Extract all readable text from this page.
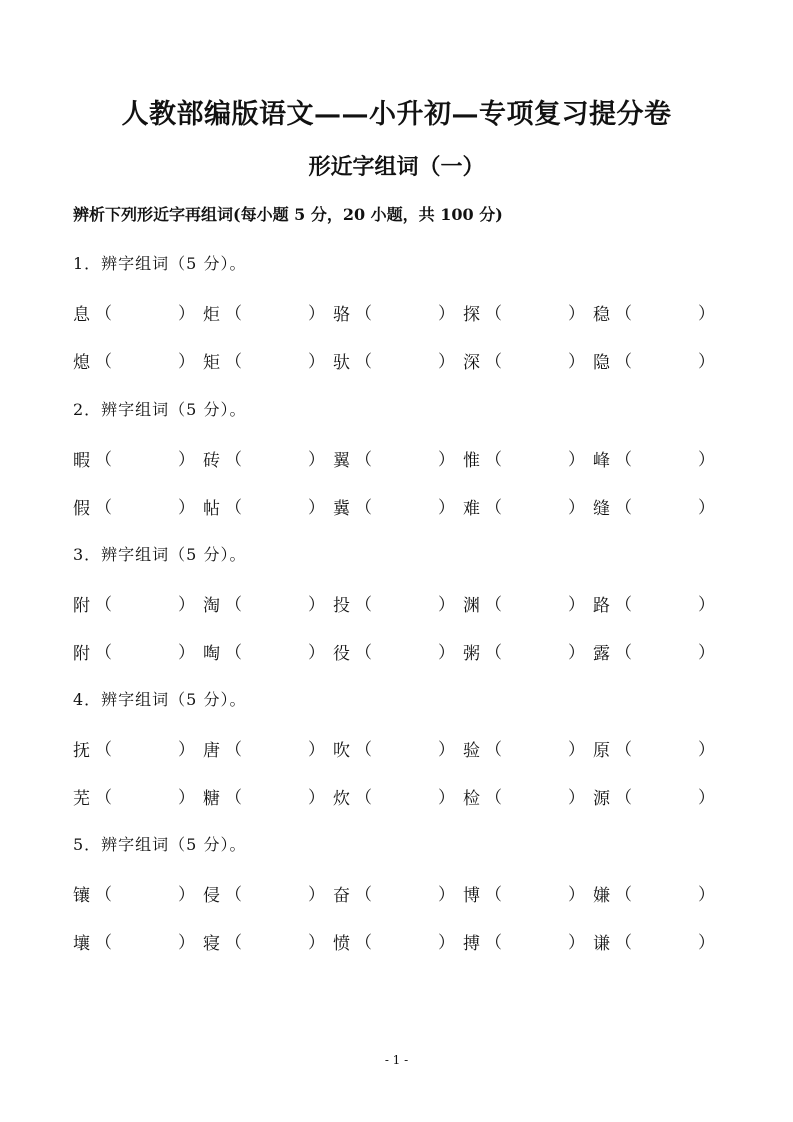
人教部编版语文——小升初—专项复习提分卷
形近字组词（一）
辨析下列形近字再组词(每小题 5 分，20 小题，共 100 分)
1．辨字组词（5 分）。
息 （ ）	炬 （ ）	骆 （ ）	探 （ ）	稳（ ）
熄 （ ）	矩 （ ）	驮 （ ）	深 （ ）	隐（ ）
2．辨字组词（5 分）。
暇 （ ）	砖 （ ）	翼 （ ）	惟 （ ）	峰（ ）
假 （ ）	帖 （ ）	冀 （ ）	难 （ ）	缝（ ）
3．辨字组词（5 分）。
附 （ ）	淘 （ ）	投 （ ）	渊 （ ）	路（ ）
附 （ ）	啕 （ ）	役 （ ）	粥 （ ）	露（ ）
4．辨字组词（5 分）。
抚 （ ）	唐 （ ）	吹 （ ）	验 （ ）	原（ ）
芜 （ ）	糖 （ ）	炊 （ ）	检 （ ）	源（ ）
5．辨字组词（5 分）。
镶 （ ）	侵 （ ）	奋 （ ）	博 （ ）	嫌（ ）
壤 （ ）	寝 （ ）	愤 （ ）	搏 （ ）	谦（ ）
- 1 -
